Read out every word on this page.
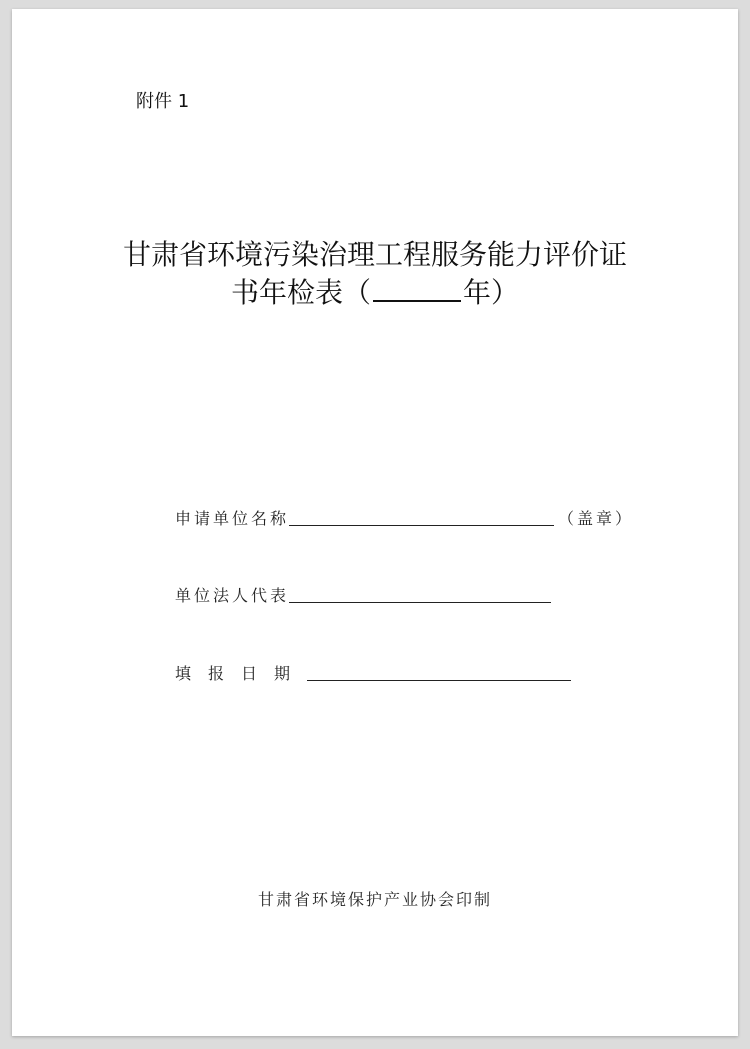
附件 1
甘肃省环境污染治理工程服务能力评价证
书年检表（	年）
申请单位名称	（盖章）
单位法人代表
填报日期
甘肃省环境保护产业协会印制
